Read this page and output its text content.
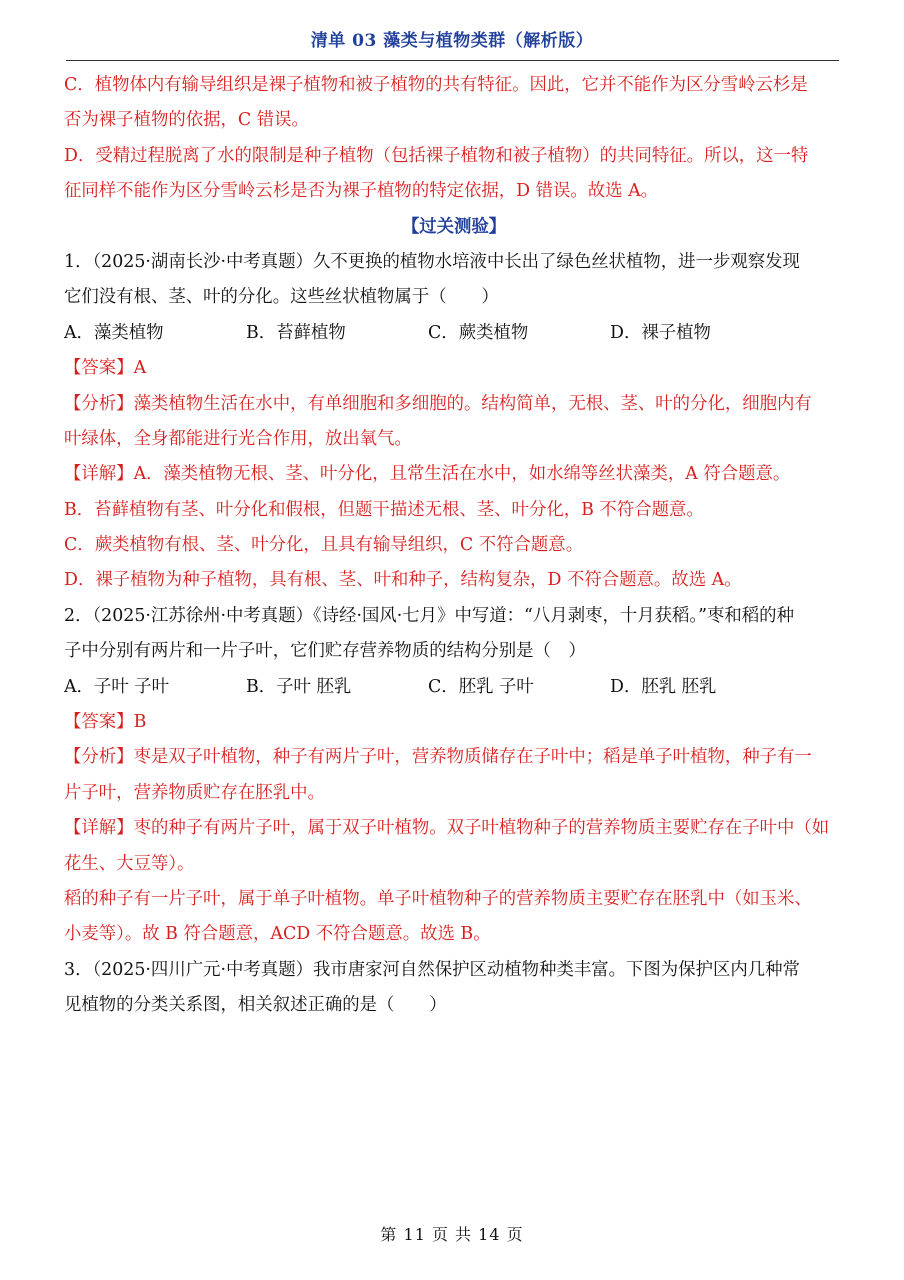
清单 03 藻类与植物类群（解析版）
C．植物体内有输导组织是裸子植物和被子植物的共有特征。因此，它并不能作为区分雪岭云杉是
否为裸子植物的依据，C 错误。
D．受精过程脱离了水的限制是种子植物（包括裸子植物和被子植物）的共同特征。所以，这一特
征同样不能作为区分雪岭云杉是否为裸子植物的特定依据，D 错误。故选 A。
【过关测验】
1．（2025·湖南长沙·中考真题）久不更换的植物水培液中长出了绿色丝状植物，进一步观察发现
它们没有根、茎、叶的分化。这些丝状植物属于（　　）
A．藻类植物	B．苔藓植物	C．蕨类植物	D．裸子植物
【答案】A
【分析】藻类植物生活在水中，有单细胞和多细胞的。结构简单，无根、茎、叶的分化，细胞内有
叶绿体，全身都能进行光合作用，放出氧气。
【详解】A．藻类植物无根、茎、叶分化，且常生活在水中，如水绵等丝状藻类，A 符合题意。
B．苔藓植物有茎、叶分化和假根，但题干描述无根、茎、叶分化，B 不符合题意。
C．蕨类植物有根、茎、叶分化，且具有输导组织，C 不符合题意。
D．裸子植物为种子植物，具有根、茎、叶和种子，结构复杂，D 不符合题意。故选 A。
2．（2025·江苏徐州·中考真题）《诗经·国风·七月》中写道：“八月剥枣，十月获稻。”枣和稻的种
子中分别有两片和一片子叶，它们贮存营养物质的结构分别是（　）
A．子叶 子叶	B．子叶 胚乳	C．胚乳 子叶	D．胚乳 胚乳
【答案】B
【分析】枣是双子叶植物，种子有两片子叶，营养物质储存在子叶中；稻是单子叶植物，种子有一
片子叶，营养物质贮存在胚乳中。
【详解】枣的种子有两片子叶，属于双子叶植物。双子叶植物种子的营养物质主要贮存在子叶中（如
花生、大豆等）。
稻的种子有一片子叶，属于单子叶植物。单子叶植物种子的营养物质主要贮存在胚乳中（如玉米、
小麦等）。故 B 符合题意，ACD 不符合题意。故选 B。
3．（2025·四川广元·中考真题）我市唐家河自然保护区动植物种类丰富。下图为保护区内几种常
见植物的分类关系图，相关叙述正确的是（　　）
第 11 页 共 14 页
